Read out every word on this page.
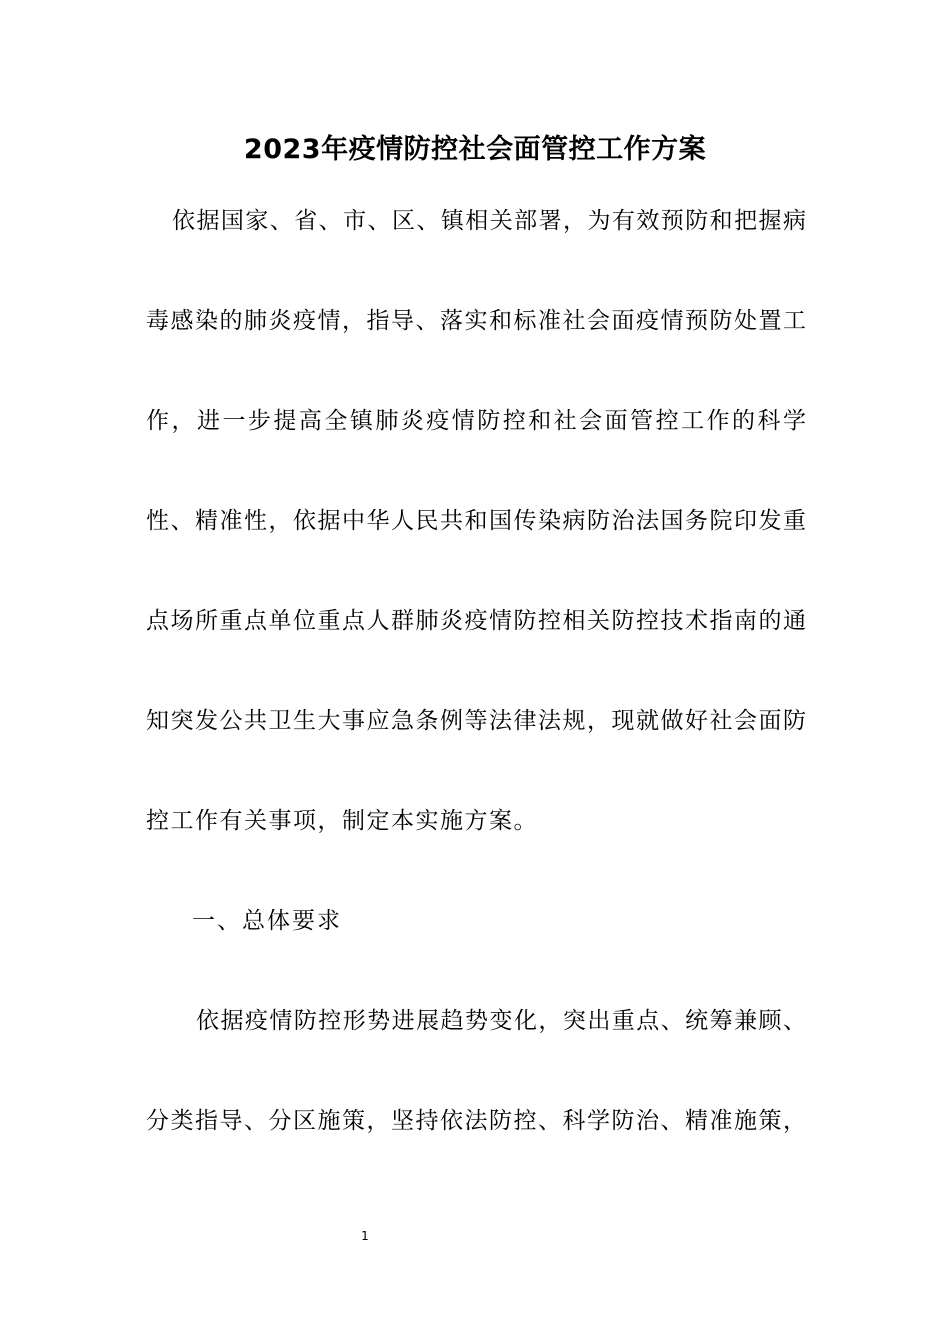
2023年疫情防控社会面管控工作方案
依据国家、省、市、区、镇相关部署，为有效预防和把握病
毒感染的肺炎疫情，指导、落实和标准社会面疫情预防处置工
作，进一步提高全镇肺炎疫情防控和社会面管控工作的科学
性、精准性，依据中华人民共和国传染病防治法国务院印发重
点场所重点单位重点人群肺炎疫情防控相关防控技术指南的通
知突发公共卫生大事应急条例等法律法规，现就做好社会面防
控工作有关事项，制定本实施方案。
一、总体要求
依据疫情防控形势进展趋势变化，突出重点、统筹兼顾、
分类指导、分区施策，坚持依法防控、科学防治、精准施策，
1
